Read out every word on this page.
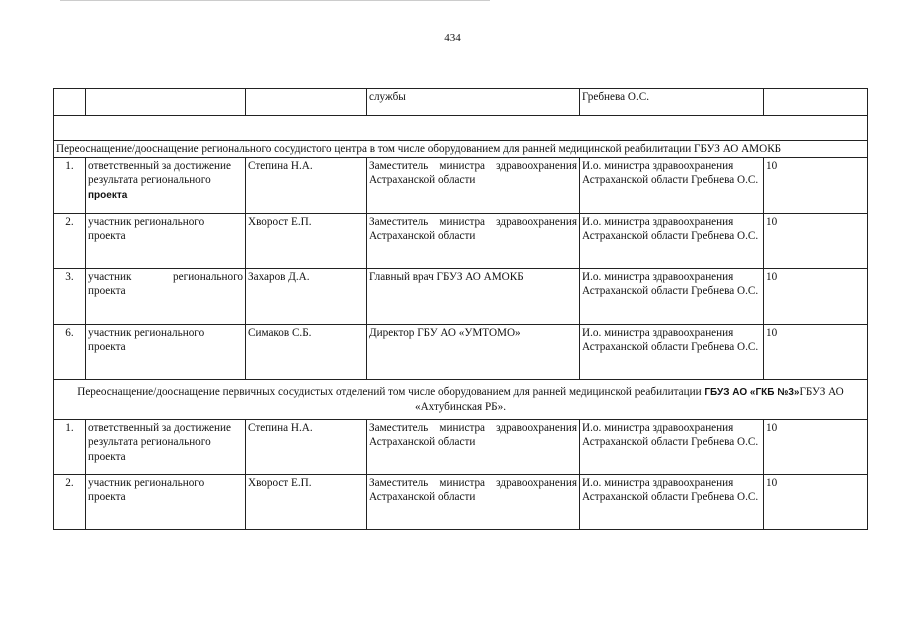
434
			службы	Гребнева О.С.	

Переоснащение/дооснащение регионального сосудистого центра в том числе оборудованием для ранней медицинской реабилитации ГБУЗ АО АМОКБ					
1.	ответственный за достижение результата регионального проекта	Степина Н.А.	Заместитель министра здравоохранения Астраханской области	И.о. министра здравоохранения Астраханской области Гребнева О.С.	10
2.	участник регионального проекта	Хворост Е.П.	Заместитель министра здравоохранения Астраханской области	И.о. министра здравоохранения Астраханской области Гребнева О.С.	10
3.	участник регионального проекта	Захаров Д.А.	Главный врач ГБУЗ АО АМОКБ	И.о. министра здравоохранения Астраханской области Гребнева О.С.	10
6.	участник регионального проекта	Симаков С.Б.	Директор ГБУ АО «УМТОМО»	И.о. министра здравоохранения Астраханской области Гребнева О.С.	10
Переоснащение/дооснащение первичных сосудистых отделений том числе оборудованием для ранней медицинской реабилитации ГБУЗ АО «ГКБ №3»ГБУЗ АО «Ахтубинская РБ».					
1.	ответственный за достижение результата регионального проекта	Степина Н.А.	Заместитель министра здравоохранения Астраханской области	И.о. министра здравоохранения Астраханской области Гребнева О.С.	10
2.	участник регионального проекта	Хворост Е.П.	Заместитель министра здравоохранения Астраханской области	И.о. министра здравоохранения Астраханской области Гребнева О.С.	10
